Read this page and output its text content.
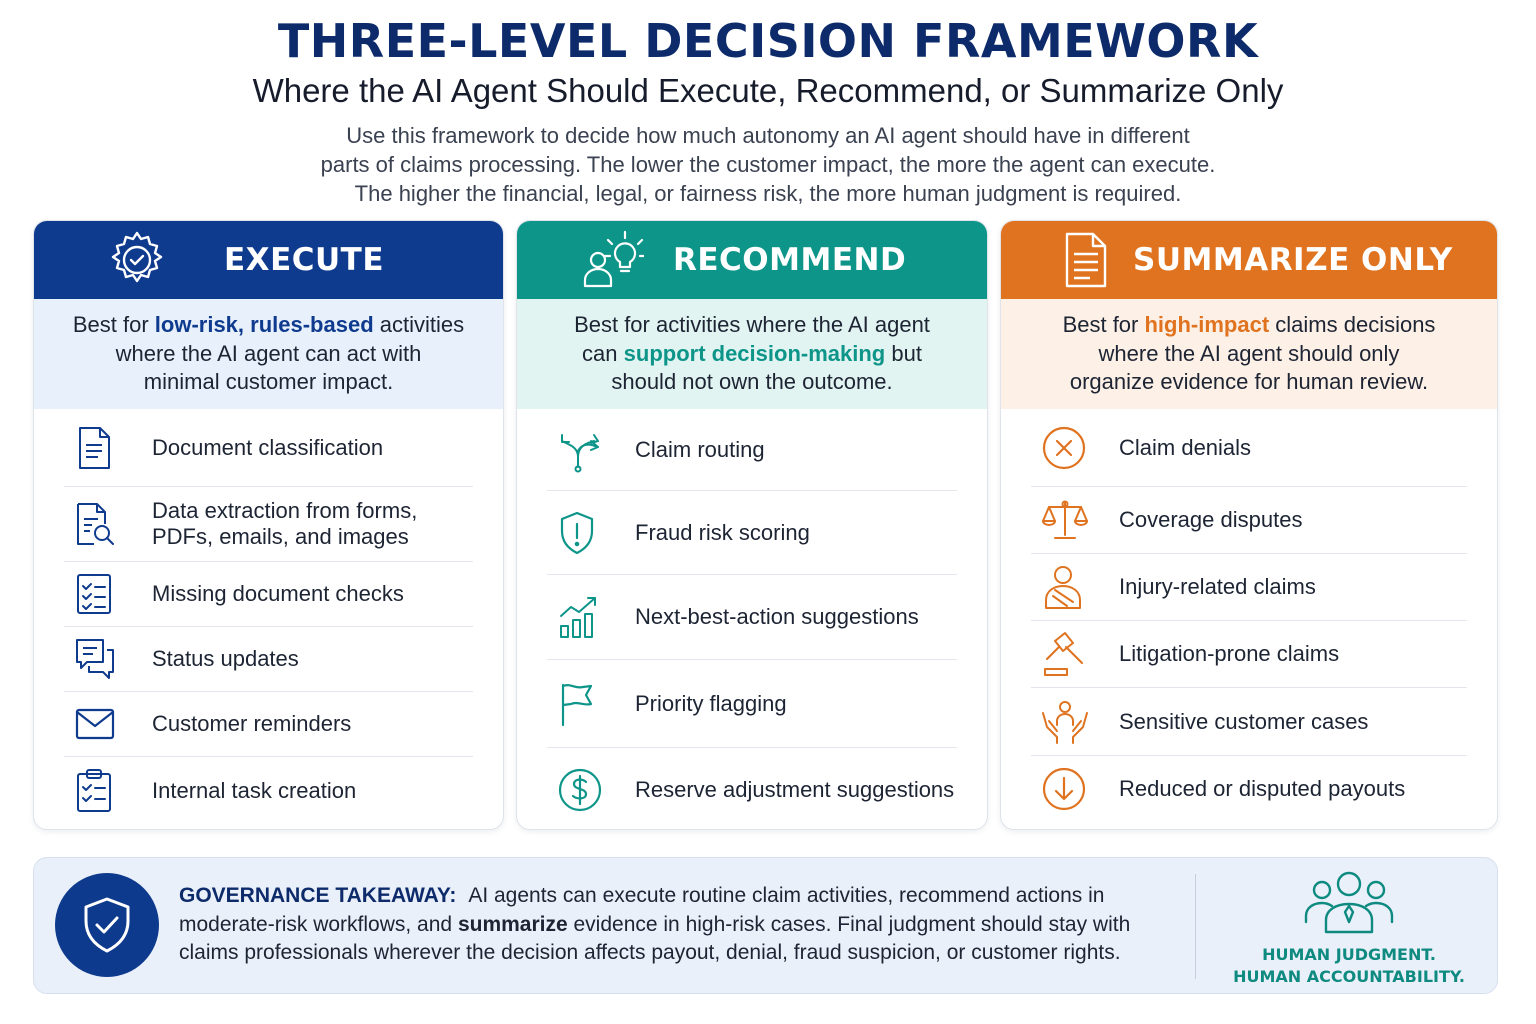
THREE-LEVEL DECISION FRAMEWORK
Where the AI Agent Should Execute, Recommend, or Summarize Only
Use this framework to decide how much autonomy an AI agent should have in different
parts of claims processing. The lower the customer impact, the more the agent can execute.
The higher the financial, legal, or fairness risk, the more human judgment is required.
EXECUTE
Best for low-risk, rules-based activities
where the AI agent can act with
minimal customer impact.
Document classification
Data extraction from forms,
PDFs, emails, and images
Missing document checks
Status updates
Customer reminders
Internal task creation
RECOMMEND
Best for activities where the AI agent
can support decision-making but
should not own the outcome.
Claim routing
Fraud risk scoring
Next-best-action suggestions
Priority flagging
Reserve adjustment suggestions
SUMMARIZE ONLY
Best for high-impact claims decisions
where the AI agent should only
organize evidence for human review.
Claim denials
Coverage disputes
Injury-related claims
Litigation-prone claims
Sensitive customer cases
Reduced or disputed payouts
GOVERNANCE TAKEAWAY: AI agents can execute routine claim activities, recommend actions in moderate-risk workflows, and summarize evidence in high-risk cases. Final judgment should stay with claims professionals wherever the decision affects payout, denial, fraud suspicion, or customer rights.	HUMAN JUDGMENT.
HUMAN ACCOUNTABILITY.
